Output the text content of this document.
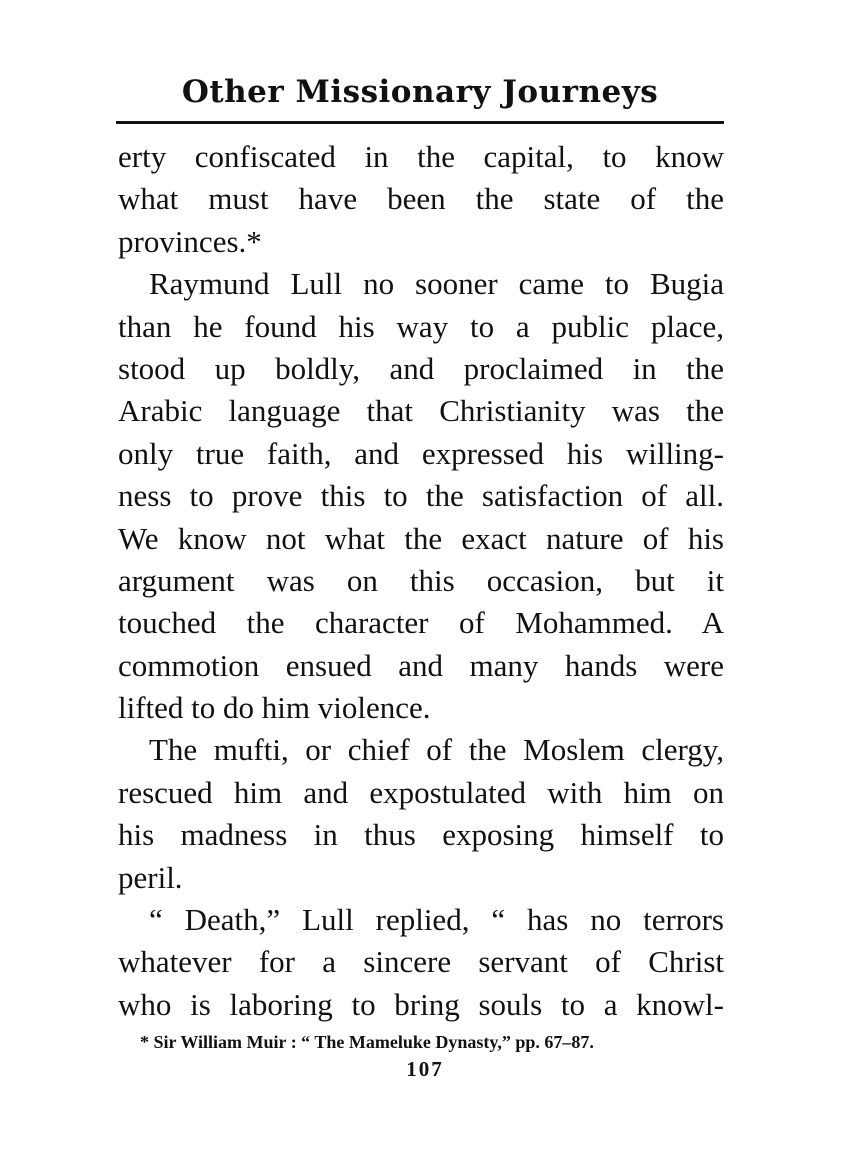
Other Missionary Journeys
erty confiscated in the capital, to know
what must have been the state of the
provinces.*
Raymund Lull no sooner came to Bugia
than he found his way to a public place,
stood up boldly, and proclaimed in the
Arabic language that Christianity was the
only true faith, and expressed his willing-
ness to prove this to the satisfaction of all.
We know not what the exact nature of his
argument was on this occasion, but it
touched the character of Mohammed. A
commotion ensued and many hands were
lifted to do him violence.
The mufti, or chief of the Moslem clergy,
rescued him and expostulated with him on
his madness in thus exposing himself to
peril.
“ Death,” Lull replied, “ has no terrors
whatever for a sincere servant of Christ
who is laboring to bring souls to a knowl-
* Sir William Muir : “ The Mameluke Dynasty,” pp. 67–87.
107
